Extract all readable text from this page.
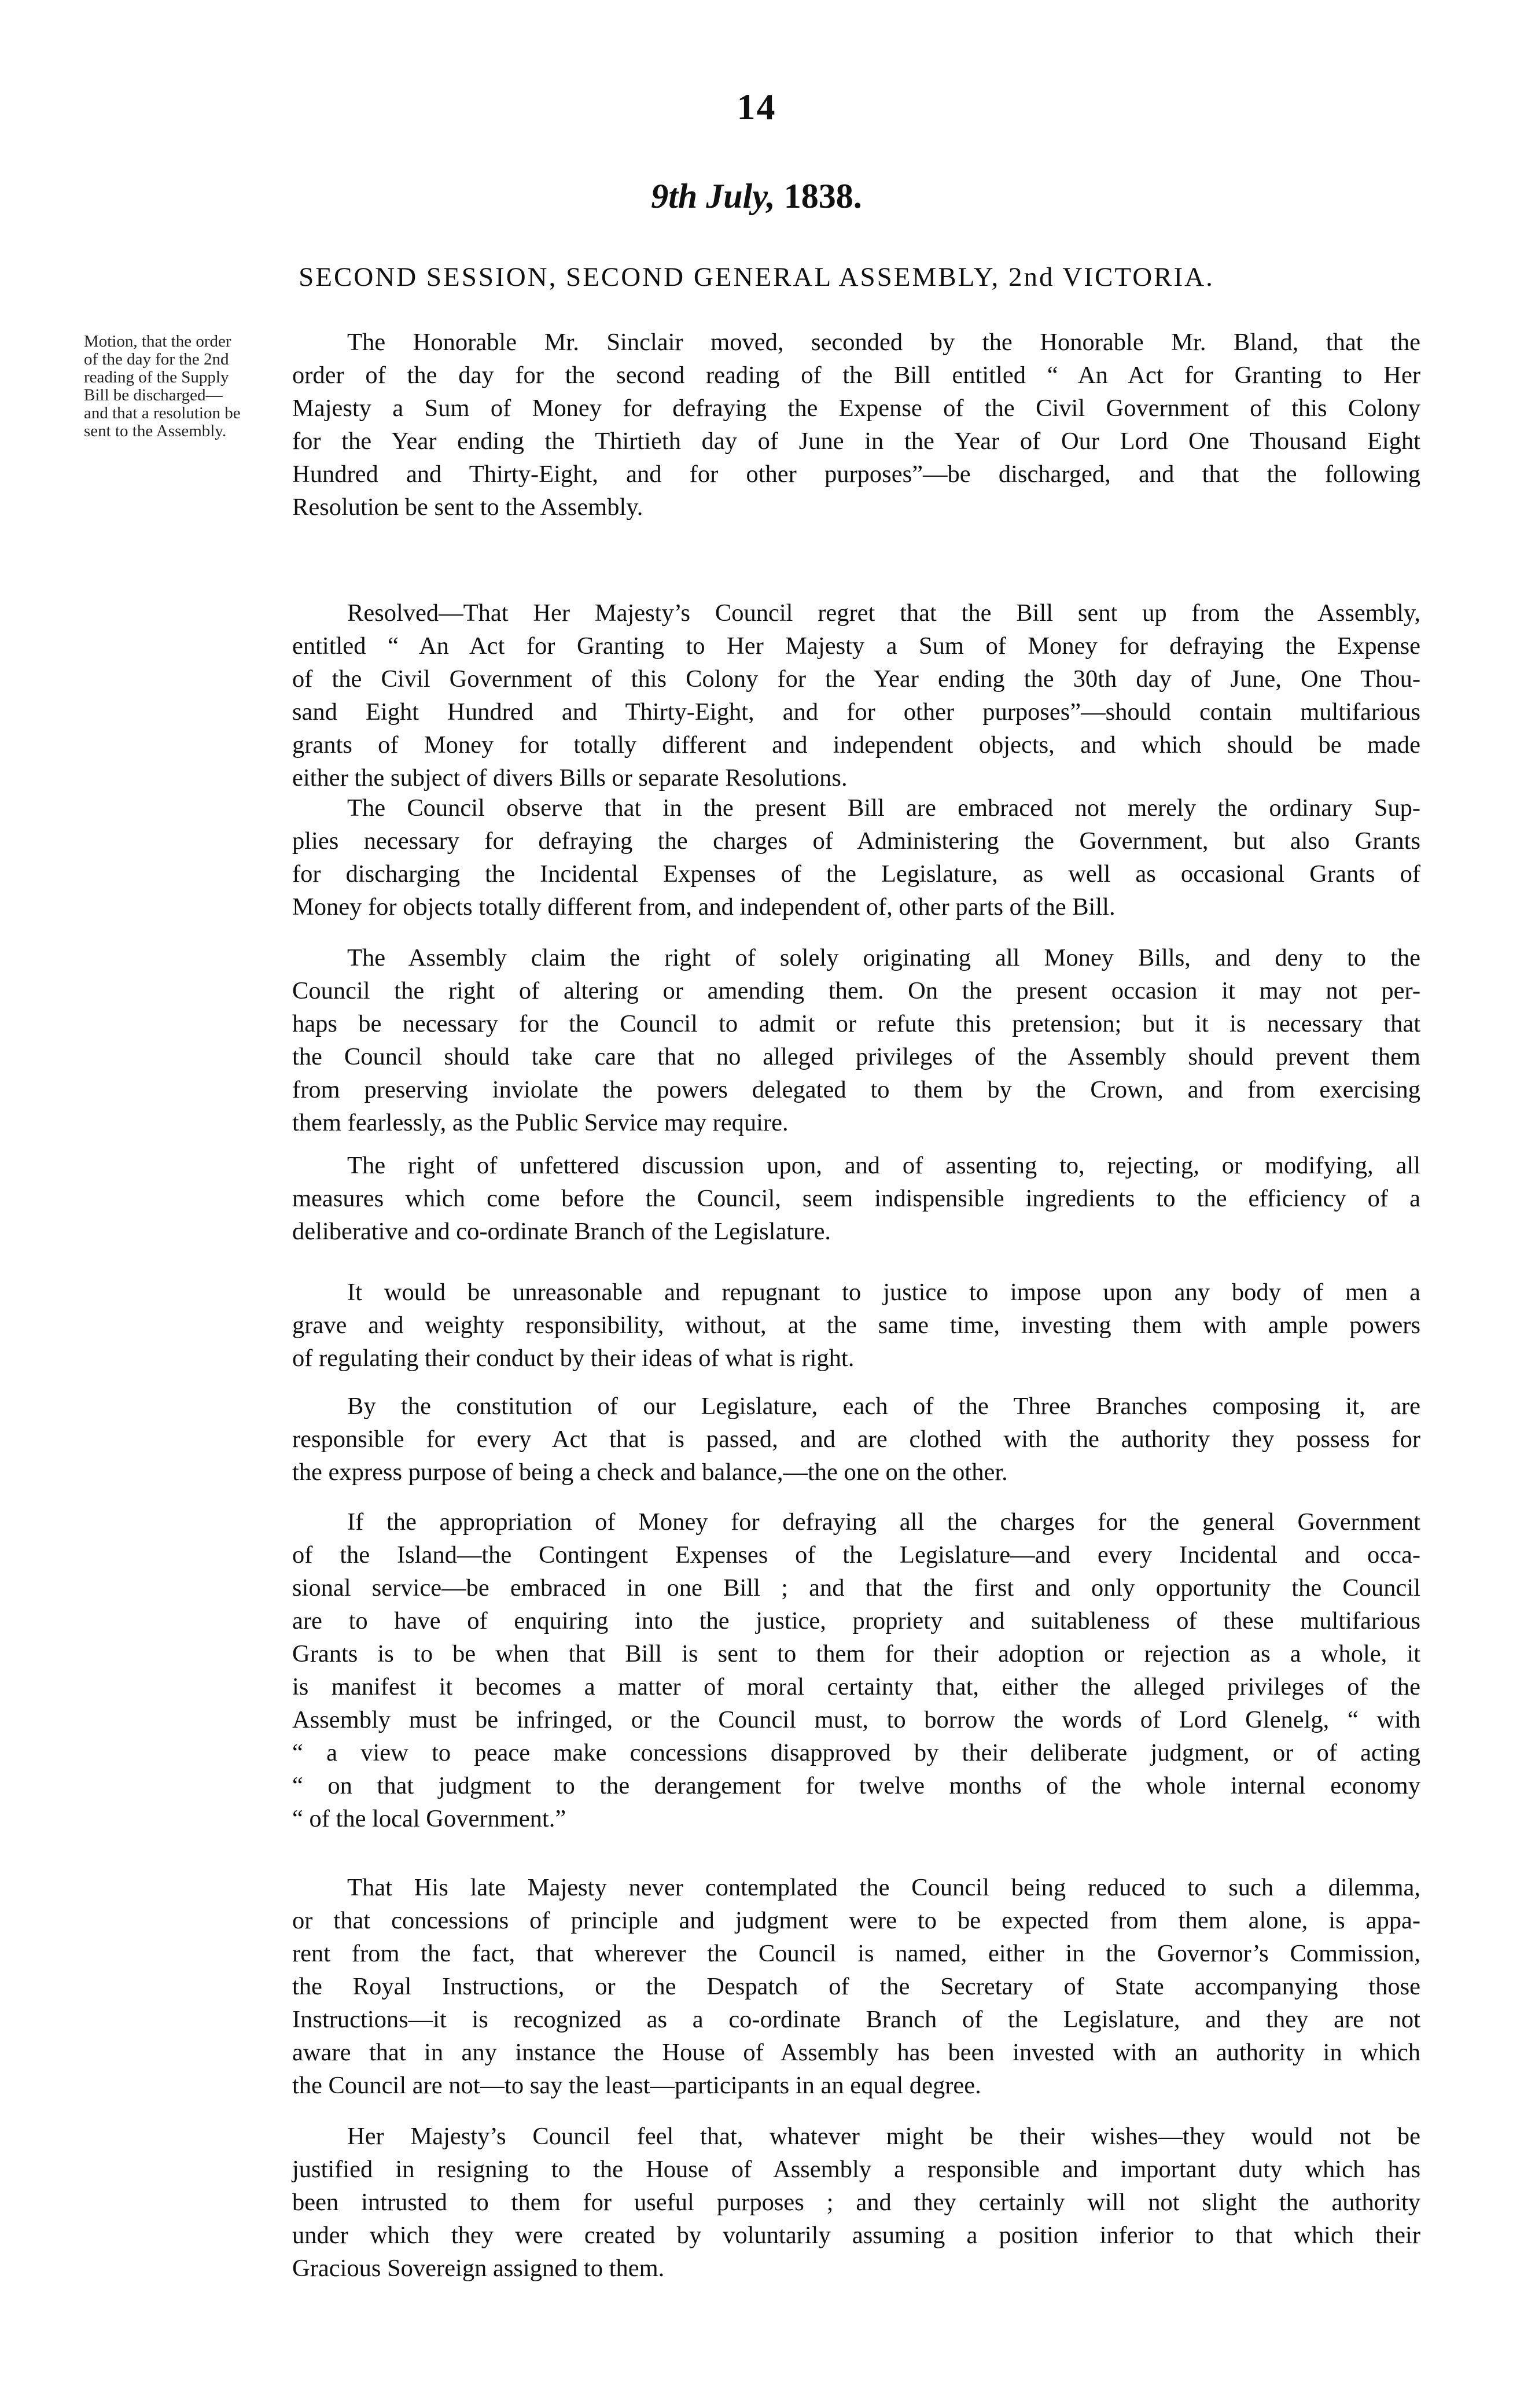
14
9th July, 1838.
SECOND SESSION, SECOND GENERAL ASSEMBLY, 2nd VICTORIA.
Motion, that the order
of the day for the 2nd
reading of the Supply
Bill be discharged—
and that a resolution be
sent to the Assembly.
The Honorable Mr. Sinclair moved, seconded by the Honorable Mr. Bland, that the
order of the day for the second reading of the Bill entitled “ An Act for Granting to Her
Majesty a Sum of Money for defraying the Expense of the Civil Government of this Colony
for the Year ending the Thirtieth day of June in the Year of Our Lord One Thousand Eight
Hundred and Thirty-Eight, and for other purposes”—be discharged, and that the following
Resolution be sent to the Assembly.
Resolved—That Her Majesty’s Council regret that the Bill sent up from the Assembly,
entitled “ An Act for Granting to Her Majesty a Sum of Money for defraying the Expense
of the Civil Government of this Colony for the Year ending the 30th day of June, One Thou-
sand Eight Hundred and Thirty-Eight, and for other purposes”—should contain multifarious
grants of Money for totally different and independent objects, and which should be made
either the subject of divers Bills or separate Resolutions.
The Council observe that in the present Bill are embraced not merely the ordinary Sup-
plies necessary for defraying the charges of Administering the Government, but also Grants
for discharging the Incidental Expenses of the Legislature, as well as occasional Grants of
Money for objects totally different from, and independent of, other parts of the Bill.
The Assembly claim the right of solely originating all Money Bills, and deny to the
Council the right of altering or amending them. On the present occasion it may not per-
haps be necessary for the Council to admit or refute this pretension; but it is necessary that
the Council should take care that no alleged privileges of the Assembly should prevent them
from preserving inviolate the powers delegated to them by the Crown, and from exercising
them fearlessly, as the Public Service may require.
The right of unfettered discussion upon, and of assenting to, rejecting, or modifying, all
measures which come before the Council, seem indispensible ingredients to the efficiency of a
deliberative and co-ordinate Branch of the Legislature.
It would be unreasonable and repugnant to justice to impose upon any body of men a
grave and weighty responsibility, without, at the same time, investing them with ample powers
of regulating their conduct by their ideas of what is right.
By the constitution of our Legislature, each of the Three Branches composing it, are
responsible for every Act that is passed, and are clothed with the authority they possess for
the express purpose of being a check and balance,—the one on the other.
If the appropriation of Money for defraying all the charges for the general Government
of the Island—the Contingent Expenses of the Legislature—and every Incidental and occa-
sional service—be embraced in one Bill ; and that the first and only opportunity the Council
are to have of enquiring into the justice, propriety and suitableness of these multifarious
Grants is to be when that Bill is sent to them for their adoption or rejection as a whole, it
is manifest it becomes a matter of moral certainty that, either the alleged privileges of the
Assembly must be infringed, or the Council must, to borrow the words of Lord Glenelg, “ with
“ a view to peace make concessions disapproved by their deliberate judgment, or of acting
“ on that judgment to the derangement for twelve months of the whole internal economy
“ of the local Government.”
That His late Majesty never contemplated the Council being reduced to such a dilemma,
or that concessions of principle and judgment were to be expected from them alone, is appa-
rent from the fact, that wherever the Council is named, either in the Governor’s Commission,
the Royal Instructions, or the Despatch of the Secretary of State accompanying those
Instructions—it is recognized as a co-ordinate Branch of the Legislature, and they are not
aware that in any instance the House of Assembly has been invested with an authority in which
the Council are not—to say the least—participants in an equal degree.
Her Majesty’s Council feel that, whatever might be their wishes—they would not be
justified in resigning to the House of Assembly a responsible and important duty which has
been intrusted to them for useful purposes ; and they certainly will not slight the authority
under which they were created by voluntarily assuming a position inferior to that which their
Gracious Sovereign assigned to them.
